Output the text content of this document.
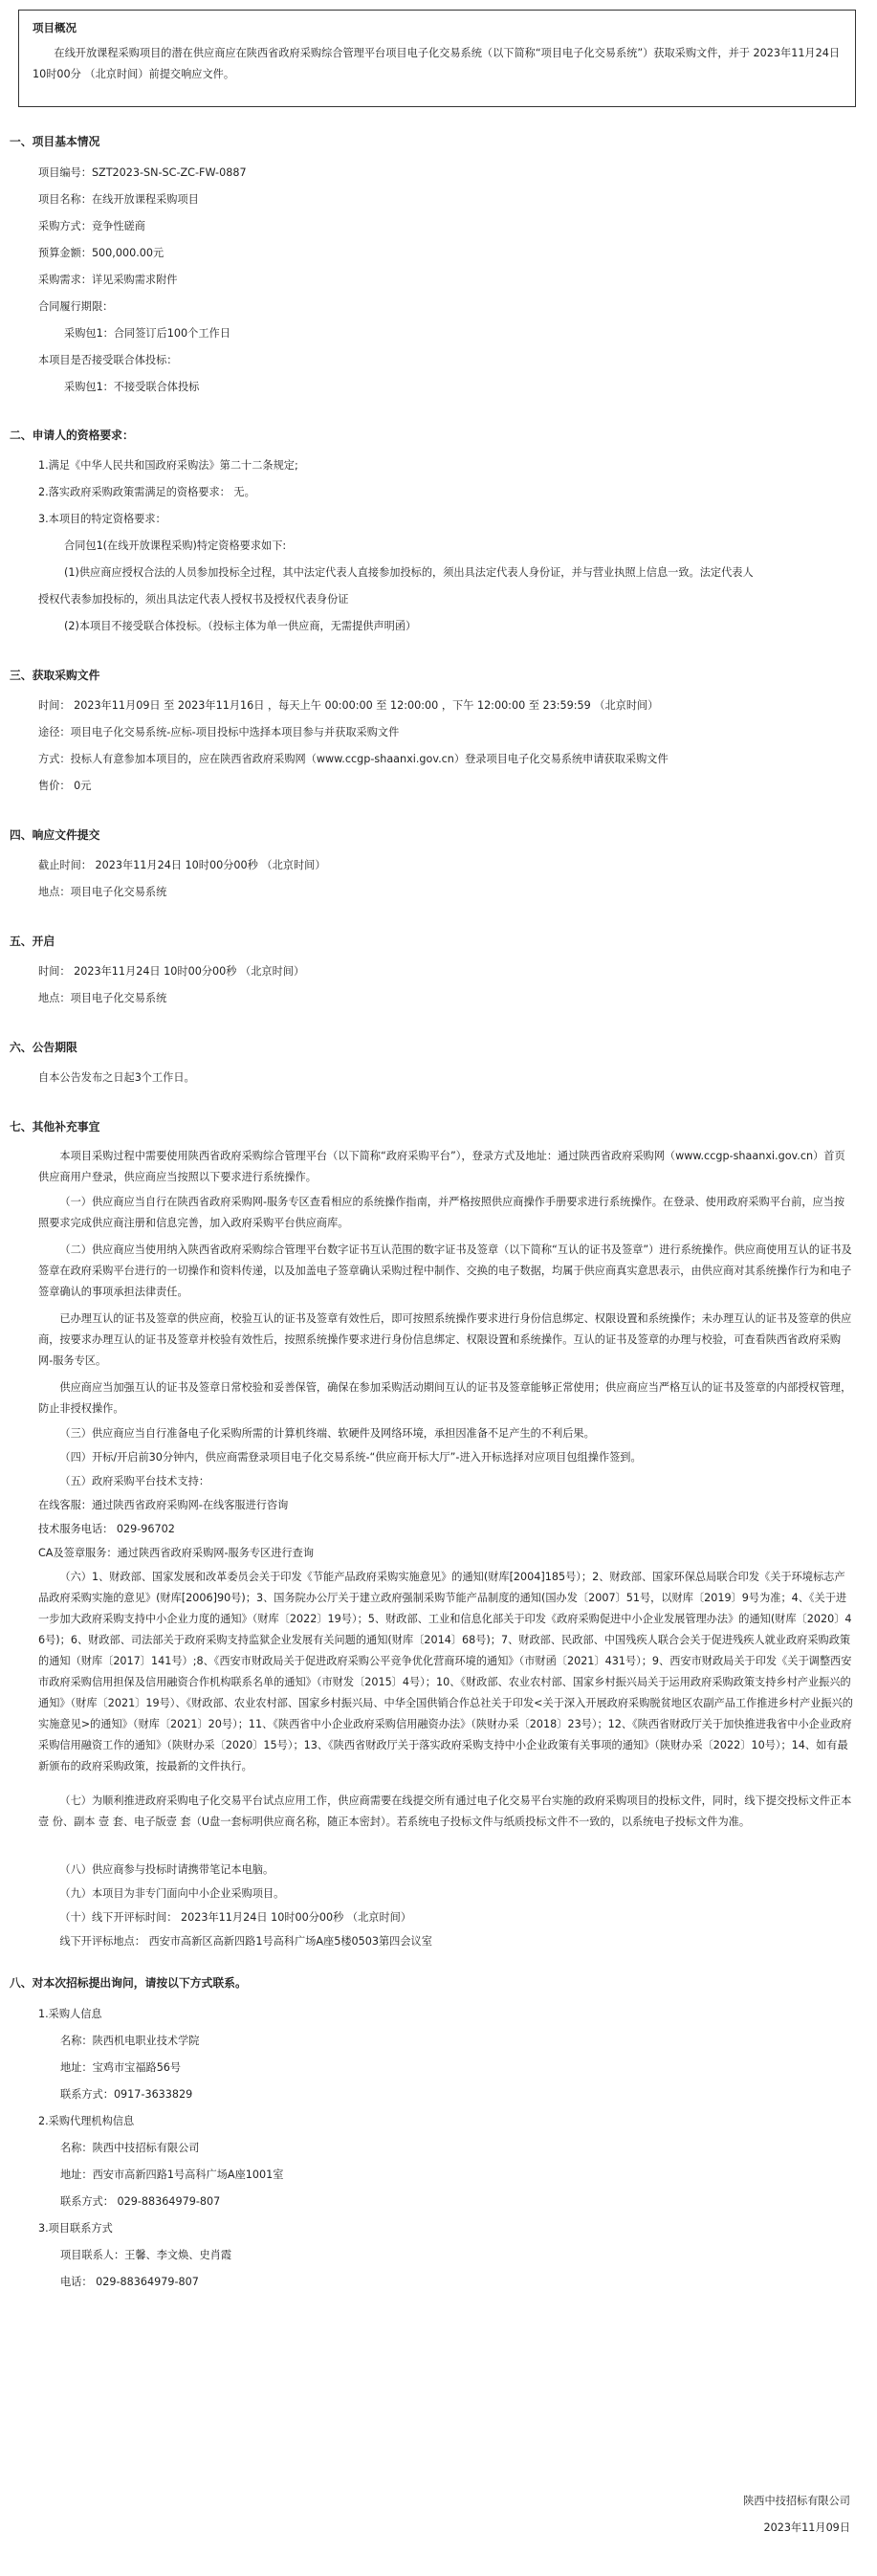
项目概况
在线开放课程采购项目的潜在供应商应在陕西省政府采购综合管理平台项目电子化交易系统（以下简称“项目电子化交易系统”）获取采购文件，并于 2023年11月24日 10时00分 （北京时间）前提交响应文件。
一、项目基本情况
项目编号：SZT2023-SN-SC-ZC-FW-0887
项目名称：在线开放课程采购项目
采购方式：竞争性磋商
预算金额：500,000.00元
采购需求：详见采购需求附件
合同履行期限：
采购包1：合同签订后100个工作日
本项目是否接受联合体投标：
采购包1：不接受联合体投标
二、申请人的资格要求：
1.满足《中华人民共和国政府采购法》第二十二条规定;
2.落实政府采购政策需满足的资格要求： 无。
3.本项目的特定资格要求：
合同包1(在线开放课程采购)特定资格要求如下:
(1)供应商应授权合法的人员参加投标全过程，其中法定代表人直接参加投标的，须出具法定代表人身份证，并与营业执照上信息一致。法定代表人
授权代表参加投标的，须出具法定代表人授权书及授权代表身份证
(2)本项目不接受联合体投标。（投标主体为单一供应商，无需提供声明函）
三、获取采购文件
时间： 2023年11月09日 至 2023年11月16日 ，每天上午 00:00:00 至 12:00:00 ，下午 12:00:00 至 23:59:59 （北京时间）
途径：项目电子化交易系统-应标-项目投标中选择本项目参与并获取采购文件
方式：投标人有意参加本项目的，应在陕西省政府采购网（www.ccgp-shaanxi.gov.cn）登录项目电子化交易系统申请获取采购文件
售价： 0元
四、响应文件提交
截止时间： 2023年11月24日 10时00分00秒 （北京时间）
地点：项目电子化交易系统
五、开启
时间： 2023年11月24日 10时00分00秒 （北京时间）
地点：项目电子化交易系统
六、公告期限
自本公告发布之日起3个工作日。
七、其他补充事宜
本项目采购过程中需要使用陕西省政府采购综合管理平台（以下简称“政府采购平台”），登录方式及地址：通过陕西省政府采购网（www.ccgp-shaanxi.gov.cn）首页供应商用户登录，供应商应当按照以下要求进行系统操作。
（一）供应商应当自行在陕西省政府采购网-服务专区查看相应的系统操作指南，并严格按照供应商操作手册要求进行系统操作。在登录、使用政府采购平台前，应当按照要求完成供应商注册和信息完善，加入政府采购平台供应商库。
（二）供应商应当使用纳入陕西省政府采购综合管理平台数字证书互认范围的数字证书及签章（以下简称“互认的证书及签章”）进行系统操作。供应商使用互认的证书及签章在政府采购平台进行的一切操作和资料传递，以及加盖电子签章确认采购过程中制作、交换的电子数据，均属于供应商真实意思表示，由供应商对其系统操作行为和电子签章确认的事项承担法律责任。
已办理互认的证书及签章的供应商，校验互认的证书及签章有效性后，即可按照系统操作要求进行身份信息绑定、权限设置和系统操作；未办理互认的证书及签章的供应商，按要求办理互认的证书及签章并校验有效性后，按照系统操作要求进行身份信息绑定、权限设置和系统操作。互认的证书及签章的办理与校验，可查看陕西省政府采购网-服务专区。
供应商应当加强互认的证书及签章日常校验和妥善保管，确保在参加采购活动期间互认的证书及签章能够正常使用；供应商应当严格互认的证书及签章的内部授权管理，防止非授权操作。
（三）供应商应当自行准备电子化采购所需的计算机终端、软硬件及网络环境，承担因准备不足产生的不利后果。
（四）开标/开启前30分钟内，供应商需登录项目电子化交易系统-“供应商开标大厅”-进入开标选择对应项目包组操作签到。
（五）政府采购平台技术支持：
在线客服：通过陕西省政府采购网-在线客服进行咨询
技术服务电话： 029-96702
CA及签章服务：通过陕西省政府采购网-服务专区进行查询
（六）1、财政部、国家发展和改革委员会关于印发《节能产品政府采购实施意见》的通知(财库[2004]185号）；2、财政部、国家环保总局联合印发《关于环境标志产品政府采购实施的意见》(财库[2006]90号)；3、国务院办公厅关于建立政府强制采购节能产品制度的通知(国办发〔2007〕51号，以财库〔2019〕9号为准；4、《关于进一步加大政府采购支持中小企业力度的通知》（财库〔2022〕19号）；5、财政部、工业和信息化部关于印发《政府采购促进中小企业发展管理办法》的通知(财库〔2020〕46号)；6、财政部、司法部关于政府采购支持监狱企业发展有关问题的通知(财库〔2014〕68号)；7、财政部、民政部、中国残疾人联合会关于促进残疾人就业政府采购政策的通知（财库〔2017〕141号）;8、《西安市财政局关于促进政府采购公平竞争优化营商环境的通知》（市财函〔2021〕431号）；9、西安市财政局关于印发《关于调整西安市政府采购信用担保及信用融资合作机构联系名单的通知》（市财发〔2015〕4号）；10、《财政部、农业农村部、国家乡村振兴局关于运用政府采购政策支持乡村产业振兴的通知》（财库〔2021〕19号）、《财政部、农业农村部、国家乡村振兴局、中华全国供销合作总社关于印发<关于深入开展政府采购脱贫地区农副产品工作推进乡村产业振兴的实施意见>的通知》（财库〔2021〕20号）；11、《陕西省中小企业政府采购信用融资办法》（陕财办采〔2018〕23号）；12、《陕西省财政厅关于加快推进我省中小企业政府采购信用融资工作的通知》（陕财办采〔2020〕15号）；13、《陕西省财政厅关于落实政府采购支持中小企业政策有关事项的通知》（陕财办采〔2022〕10号）；14、如有最新颁布的政府采购政策，按最新的文件执行。
（七）为顺利推进政府采购电子化交易平台试点应用工作，供应商需要在线提交所有通过电子化交易平台实施的政府采购项目的投标文件，同时，线下提交投标文件正本 壹 份、副本 壹 套、电子版壹 套（U盘一套标明供应商名称，随正本密封）。若系统电子投标文件与纸质投标文件不一致的，以系统电子投标文件为准。
（八）供应商参与投标时请携带笔记本电脑。
（九）本项目为非专门面向中小企业采购项目。
（十）线下开评标时间： 2023年11月24日 10时00分00秒 （北京时间）
线下开评标地点： 西安市高新区高新四路1号高科广场A座5楼0503第四会议室
八、对本次招标提出询问，请按以下方式联系。
1.采购人信息
名称：陕西机电职业技术学院
地址：宝鸡市宝福路56号
联系方式：0917-3633829
2.采购代理机构信息
名称：陕西中技招标有限公司
地址：西安市高新四路1号高科广场A座1001室
联系方式： 029-88364979-807
3.项目联系方式
项目联系人：王馨、李文焕、史肖霞
电话： 029-88364979-807
陕西中技招标有限公司
2023年11月09日
